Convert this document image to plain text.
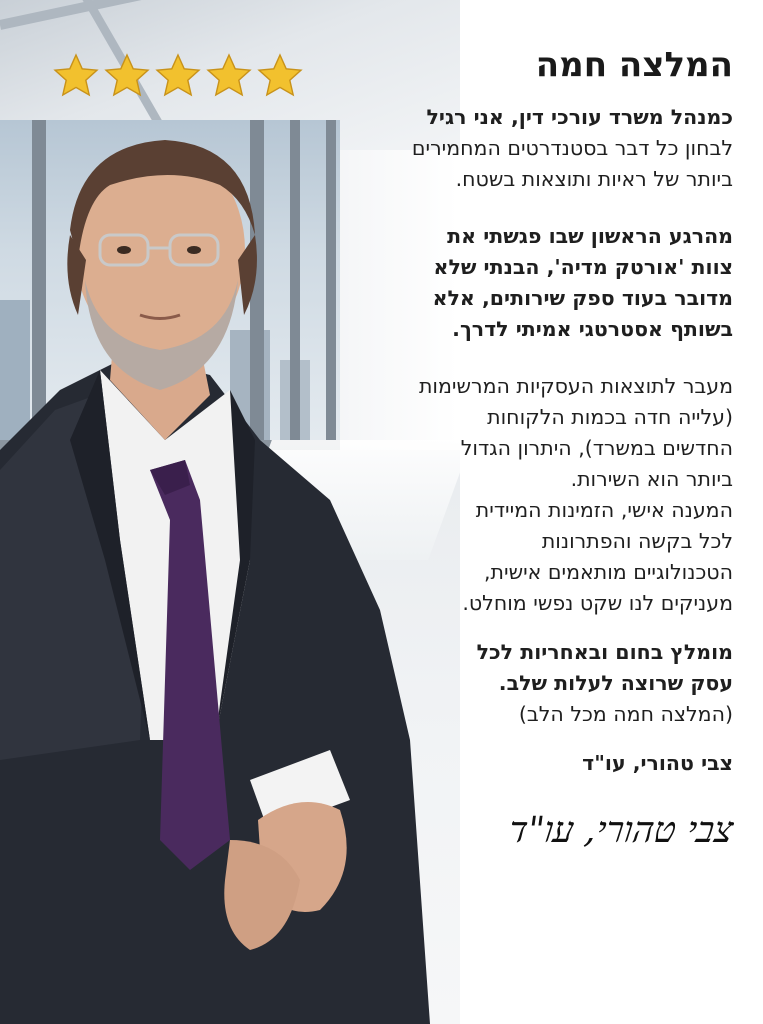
המלצה חמה

כמנהל משרד עורכי דין, אני רגיל
לבחון כל דבר בסטנדרטים המחמירים
ביותר של ראיות ותוצאות בשטח.

מהרגע הראשון שבו פגשתי את
צוות 'אורטק מדיה', הבנתי שלא
מדובר בעוד ספק שירותים, אלא
בשותף אסטרטגי אמיתי לדרך.

מעבר לתוצאות העסקיות המרשימות
(עלייה חדה בכמות הלקוחות
החדשים במשרד), היתרון הגדול
ביותר הוא השירות.
המענה אישי, הזמינות המיידית
לכל בקשה והפתרונות
הטכנולוגיים מותאמים אישית,
מעניקים לנו שקט נפשי מוחלט.

מומלץ בחום ובאחריות לכל
עסק שרוצה לעלות שלב.

(המלצה חמה מכל הלב)

צבי טהורי, עו"ד

צבי טהורי, עו"ד
